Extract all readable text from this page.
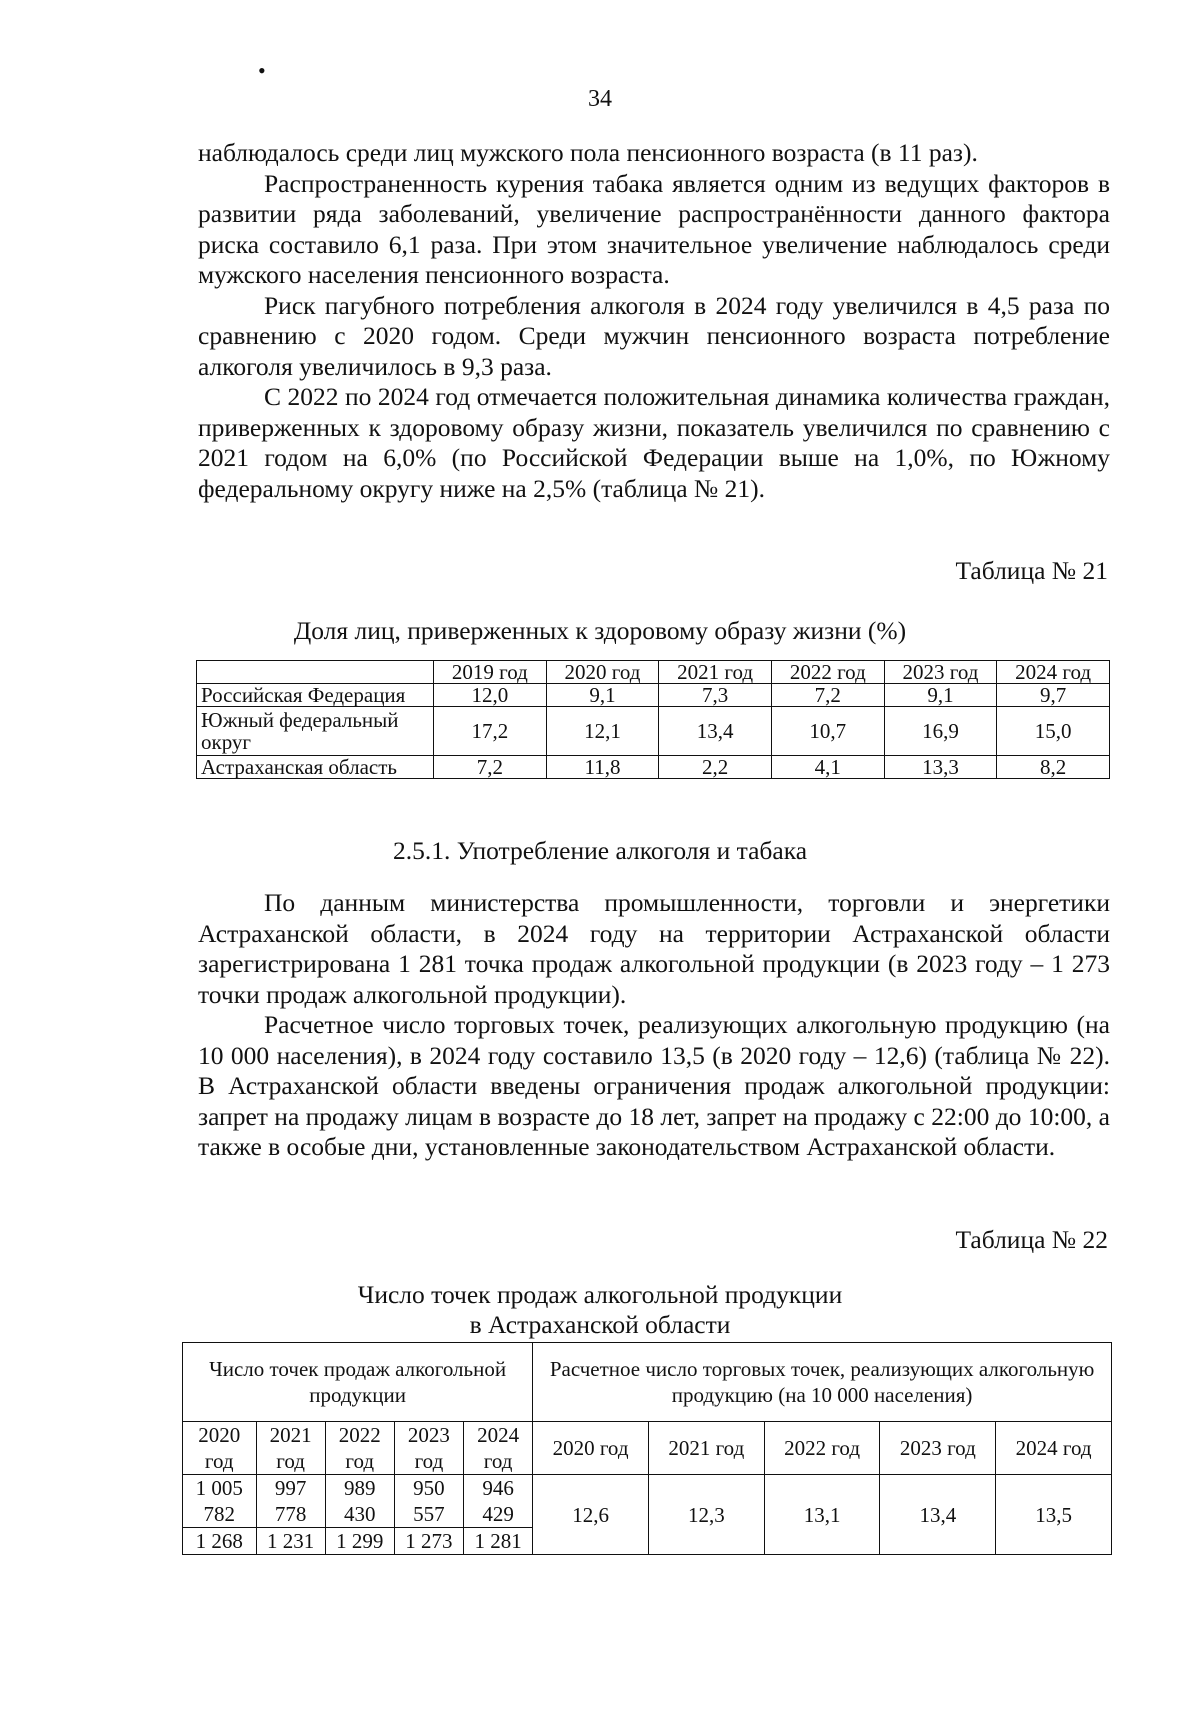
•
34

наблюдалось среди лиц мужского пола пенсионного возраста (в 11 раз).

Распространенность курения табака является одним из ведущих факторов в развитии ряда заболеваний, увеличение распространённости данного фактора риска составило 6,1 раза. При этом значительное увеличение наблюдалось среди мужского населения пенсионного возраста.

Риск пагубного потребления алкоголя в 2024 году увеличился в 4,5 раза по сравнению с 2020 годом. Среди мужчин пенсионного возраста потребление алкоголя увеличилось в 9,3 раза.

С 2022 по 2024 год отмечается положительная динамика количества граждан, приверженных к здоровому образу жизни, показатель увеличился по сравнению с 2021 годом на 6,0% (по Российской Федерации выше на 1,0%, по Южному федеральному округу ниже на 2,5% (таблица № 21).

Таблица № 21
Доля лиц, приверженных к здоровому образу жизни (%)
	2019 год	2020 год	2021 год	2022 год	2023 год	2024 год
Российская Федерация	12,0	9,1	7,3	7,2	9,1	9,7
Южный федеральный округ	17,2	12,1	13,4	10,7	16,9	15,0
Астраханская область	7,2	11,8	2,2	4,1	13,3	8,2
2.5.1. Употребление алкоголя и табака

По данным министерства промышленности, торговли и энергетики Астраханской области, в 2024 году на территории Астраханской области зарегистрирована 1 281 точка продаж алкогольной продукции (в 2023 году – 1 273 точки продаж алкогольной продукции).

Расчетное число торговых точек, реализующих алкогольную продукцию (на 10 000 населения), в 2024 году составило 13,5 (в 2020 году – 12,6) (таблица № 22). В Астраханской области введены ограничения продаж алкогольной продукции: запрет на продажу лицам в возрасте до 18 лет, запрет на продажу с 22:00 до 10:00, а также в особые дни, установленные законодательством Астраханской области.

Таблица № 22
Число точек продаж алкогольной продукции
в Астраханской области
Число точек продаж алкогольной продукции					Расчетное число торговых точек, реализующих алкогольную продукцию (на 10 000 населения)				
2020 год	2021 год	2022 год	2023 год	2024 год	2020 год	2021 год	2022 год	2023 год	2024 год
1 005 782	997 778	989 430	950 557	946 429	12,6	12,3	13,1	13,4	13,5
1 268	1 231	1 299	1 273	1 281					
